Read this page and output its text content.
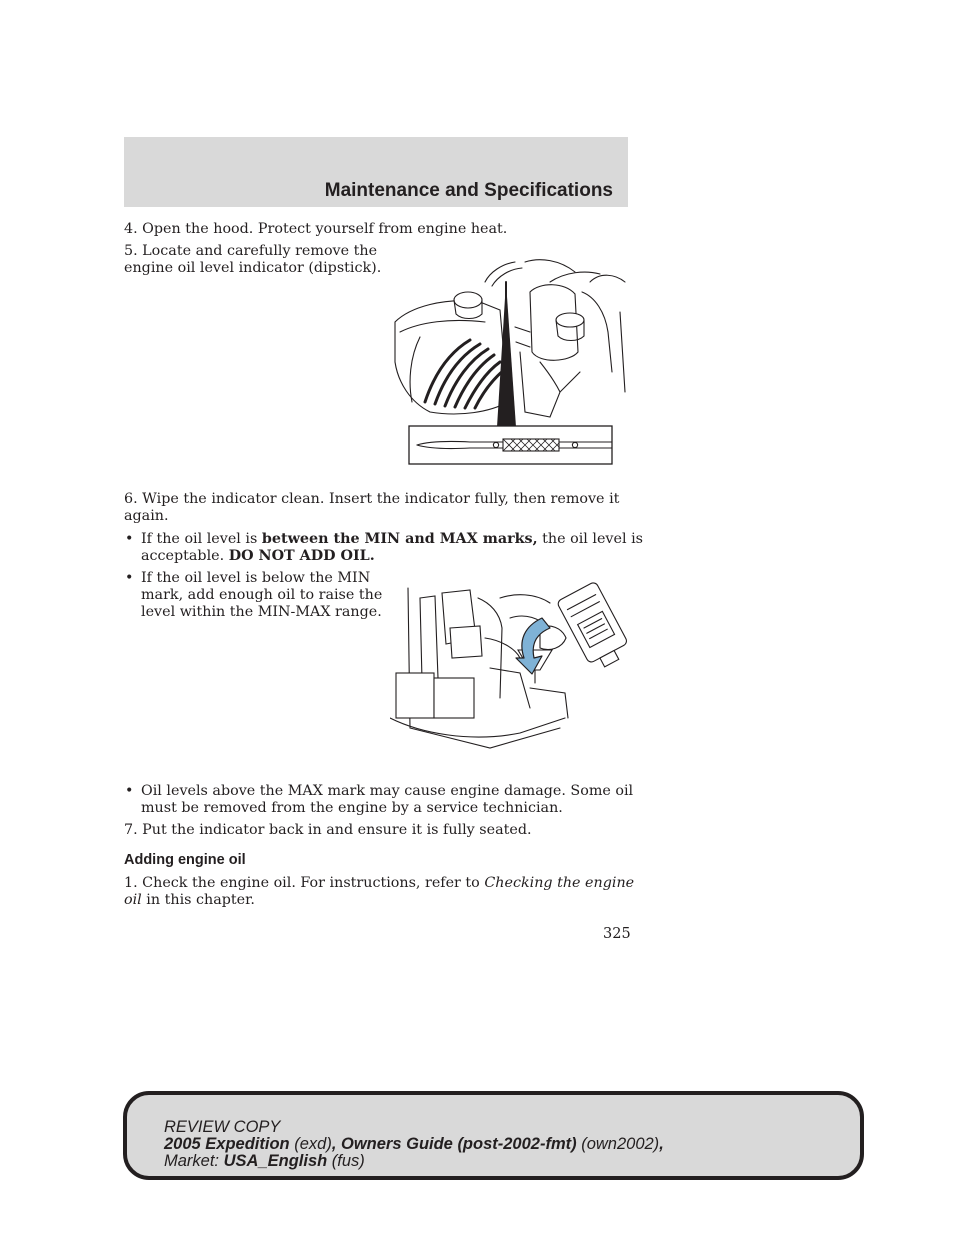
Maintenance and Specifications

4. Open the hood. Protect yourself from engine heat.

5. Locate and carefully remove the

engine oil level indicator (dipstick).

6. Wipe the indicator clean. Insert the indicator fully, then remove it

again.

• If the oil level is between the MIN and MAX marks, the oil level is
acceptable. DO NOT ADD OIL.
• If the oil level is below the MIN
mark, add enough oil to raise the
level within the MIN-MAX range.
• Oil levels above the MAX mark may cause engine damage. Some oil
must be removed from the engine by a service technician.

7. Put the indicator back in and ensure it is fully seated.

Adding engine oil
1. Check the engine oil. For instructions, refer to Checking the engine
oil in this chapter.
325
REVIEW COPY
2005 Expedition (exd), Owners Guide (post-2002-fmt) (own2002),
Market: USA_English (fus)
